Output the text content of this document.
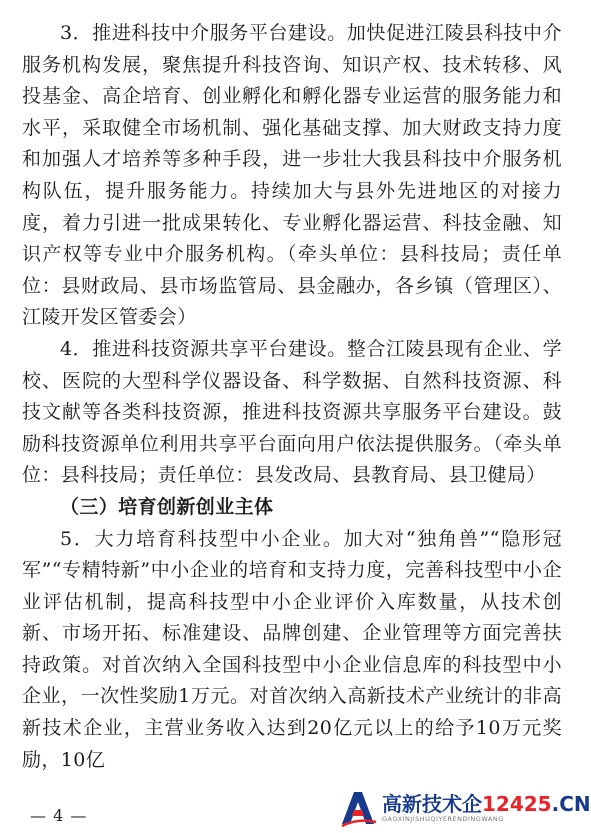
3．推进科技中介服务平台建设。加快促进江陵县科技中介服务机构发展，聚焦提升科技咨询、知识产权、技术转移、风投基金、高企培育、创业孵化和孵化器专业运营的服务能力和水平，采取健全市场机制、强化基础支撑、加大财政支持力度和加强人才培养等多种手段，进一步壮大我县科技中介服务机构队伍，提升服务能力。持续加大与县外先进地区的对接力度，着力引进一批成果转化、专业孵化器运营、科技金融、知识产权等专业中介服务机构。（牵头单位：县科技局；责任单位：县财政局、县市场监管局、县金融办，各乡镇（管理区）、江陵开发区管委会）

4．推进科技资源共享平台建设。整合江陵县现有企业、学校、医院的大型科学仪器设备、科学数据、自然科技资源、科技文献等各类科技资源，推进科技资源共享服务平台建设。鼓励科技资源单位利用共享平台面向用户依法提供服务。（牵头单位：县科技局；责任单位：县发改局、县教育局、县卫健局）

（三）培育创新创业主体

5．大力培育科技型中小企业。加大对“独角兽”“隐形冠军”“专精特新”中小企业的培育和支持力度，完善科技型中小企业评估机制，提高科技型中小企业评价入库数量，从技术创新、市场开拓、标准建设、品牌创建、企业管理等方面完善扶持政策。对首次纳入全国科技型中小企业信息库的科技型中小企业，一次性奖励1万元。对首次纳入高新技术产业统计的非高新技术企业，主营业务收入达到20亿元以上的给予10万元奖励，10亿

— 4 —	高新技术企12425.CN
GAOXINJISHUQIYERENDINGWANG
